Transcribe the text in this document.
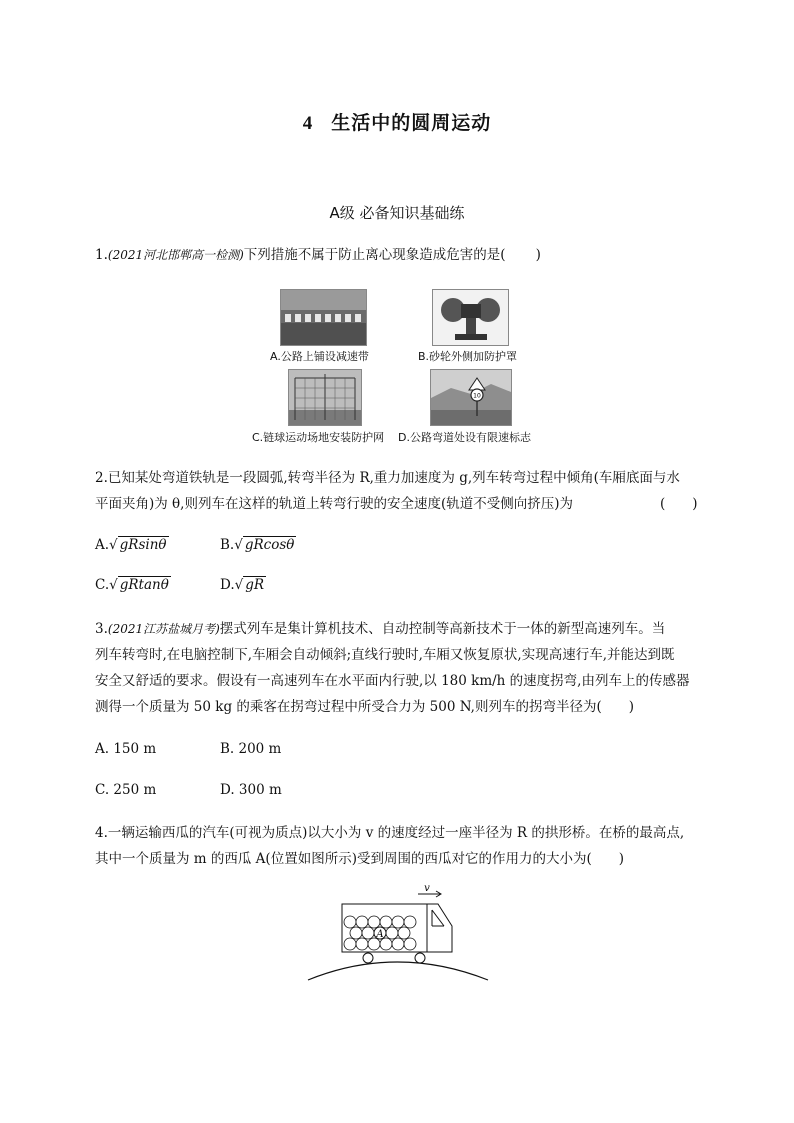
4 生活中的圆周运动
A级 必备知识基础练
1.(2021河北邯郸高一检测)下列措施不属于防止离心现象造成危害的是( )
A.公路上铺设减速带	B.砂轮外侧加防护罩
C.链球运动场地安装防护网
10
D.公路弯道处设有限速标志
2.已知某处弯道铁轨是一段圆弧,转弯半径为 R,重力加速度为 g,列车转弯过程中倾角(车厢底面与水
平面夹角)为 θ,则列车在这样的轨道上转弯行驶的安全速度(轨道不受侧向挤压)为	(　　)
A.√ gRsinθ	B.√ gRcosθ
C.√ gRtanθ	D.√ gR
3.(2021江苏盐城月考)摆式列车是集计算机技术、自动控制等高新技术于一体的新型高速列车。当
列车转弯时,在电脑控制下,车厢会自动倾斜;直线行驶时,车厢又恢复原状,实现高速行车,并能达到既
安全又舒适的要求。假设有一高速列车在水平面内行驶,以 180 km/h 的速度拐弯,由列车上的传感器
测得一个质量为 50 kg 的乘客在拐弯过程中所受合力为 500 N,则列车的拐弯半径为(　　)
A. 150 m	B. 200 m
C. 250 m	D. 300 m
4.一辆运输西瓜的汽车(可视为质点)以大小为 v 的速度经过一座半径为 R 的拱形桥。在桥的最高点,
其中一个质量为 m 的西瓜 A(位置如图所示)受到周围的西瓜对它的作用力的大小为(　　)
A
v
